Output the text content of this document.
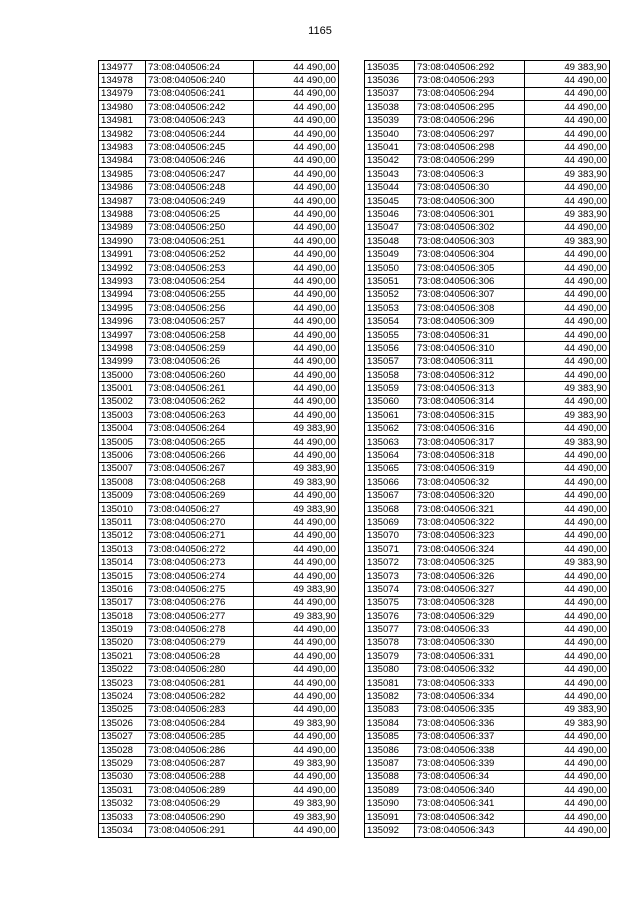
1165
134977	73:08:040506:24	44 490,00
134978	73:08:040506:240	44 490,00
134979	73:08:040506:241	44 490,00
134980	73:08:040506:242	44 490,00
134981	73:08:040506:243	44 490,00
134982	73:08:040506:244	44 490,00
134983	73:08:040506:245	44 490,00
134984	73:08:040506:246	44 490,00
134985	73:08:040506:247	44 490,00
134986	73:08:040506:248	44 490,00
134987	73:08:040506:249	44 490,00
134988	73:08:040506:25	44 490,00
134989	73:08:040506:250	44 490,00
134990	73:08:040506:251	44 490,00
134991	73:08:040506:252	44 490,00
134992	73:08:040506:253	44 490,00
134993	73:08:040506:254	44 490,00
134994	73:08:040506:255	44 490,00
134995	73:08:040506:256	44 490,00
134996	73:08:040506:257	44 490,00
134997	73:08:040506:258	44 490,00
134998	73:08:040506:259	44 490,00
134999	73:08:040506:26	44 490,00
135000	73:08:040506:260	44 490,00
135001	73:08:040506:261	44 490,00
135002	73:08:040506:262	44 490,00
135003	73:08:040506:263	44 490,00
135004	73:08:040506:264	49 383,90
135005	73:08:040506:265	44 490,00
135006	73:08:040506:266	44 490,00
135007	73:08:040506:267	49 383,90
135008	73:08:040506:268	49 383,90
135009	73:08:040506:269	44 490,00
135010	73:08:040506:27	49 383,90
135011	73:08:040506:270	44 490,00
135012	73:08:040506:271	44 490,00
135013	73:08:040506:272	44 490,00
135014	73:08:040506:273	44 490,00
135015	73:08:040506:274	44 490,00
135016	73:08:040506:275	49 383,90
135017	73:08:040506:276	44 490,00
135018	73:08:040506:277	49 383,90
135019	73:08:040506:278	44 490,00
135020	73:08:040506:279	44 490,00
135021	73:08:040506:28	44 490,00
135022	73:08:040506:280	44 490,00
135023	73:08:040506:281	44 490,00
135024	73:08:040506:282	44 490,00
135025	73:08:040506:283	44 490,00
135026	73:08:040506:284	49 383,90
135027	73:08:040506:285	44 490,00
135028	73:08:040506:286	44 490,00
135029	73:08:040506:287	49 383,90
135030	73:08:040506:288	44 490,00
135031	73:08:040506:289	44 490,00
135032	73:08:040506:29	49 383,90
135033	73:08:040506:290	49 383,90
135034	73:08:040506:291	44 490,00
135035	73:08:040506:292	49 383,90
135036	73:08:040506:293	44 490,00
135037	73:08:040506:294	44 490,00
135038	73:08:040506:295	44 490,00
135039	73:08:040506:296	44 490,00
135040	73:08:040506:297	44 490,00
135041	73:08:040506:298	44 490,00
135042	73:08:040506:299	44 490,00
135043	73:08:040506:3	49 383,90
135044	73:08:040506:30	44 490,00
135045	73:08:040506:300	44 490,00
135046	73:08:040506:301	49 383,90
135047	73:08:040506:302	44 490,00
135048	73:08:040506:303	49 383,90
135049	73:08:040506:304	44 490,00
135050	73:08:040506:305	44 490,00
135051	73:08:040506:306	44 490,00
135052	73:08:040506:307	44 490,00
135053	73:08:040506:308	44 490,00
135054	73:08:040506:309	44 490,00
135055	73:08:040506:31	44 490,00
135056	73:08:040506:310	44 490,00
135057	73:08:040506:311	44 490,00
135058	73:08:040506:312	44 490,00
135059	73:08:040506:313	49 383,90
135060	73:08:040506:314	44 490,00
135061	73:08:040506:315	49 383,90
135062	73:08:040506:316	44 490,00
135063	73:08:040506:317	49 383,90
135064	73:08:040506:318	44 490,00
135065	73:08:040506:319	44 490,00
135066	73:08:040506:32	44 490,00
135067	73:08:040506:320	44 490,00
135068	73:08:040506:321	44 490,00
135069	73:08:040506:322	44 490,00
135070	73:08:040506:323	44 490,00
135071	73:08:040506:324	44 490,00
135072	73:08:040506:325	49 383,90
135073	73:08:040506:326	44 490,00
135074	73:08:040506:327	44 490,00
135075	73:08:040506:328	44 490,00
135076	73:08:040506:329	44 490,00
135077	73:08:040506:33	44 490,00
135078	73:08:040506:330	44 490,00
135079	73:08:040506:331	44 490,00
135080	73:08:040506:332	44 490,00
135081	73:08:040506:333	44 490,00
135082	73:08:040506:334	44 490,00
135083	73:08:040506:335	49 383,90
135084	73:08:040506:336	49 383,90
135085	73:08:040506:337	44 490,00
135086	73:08:040506:338	44 490,00
135087	73:08:040506:339	44 490,00
135088	73:08:040506:34	44 490,00
135089	73:08:040506:340	44 490,00
135090	73:08:040506:341	44 490,00
135091	73:08:040506:342	44 490,00
135092	73:08:040506:343	44 490,00
